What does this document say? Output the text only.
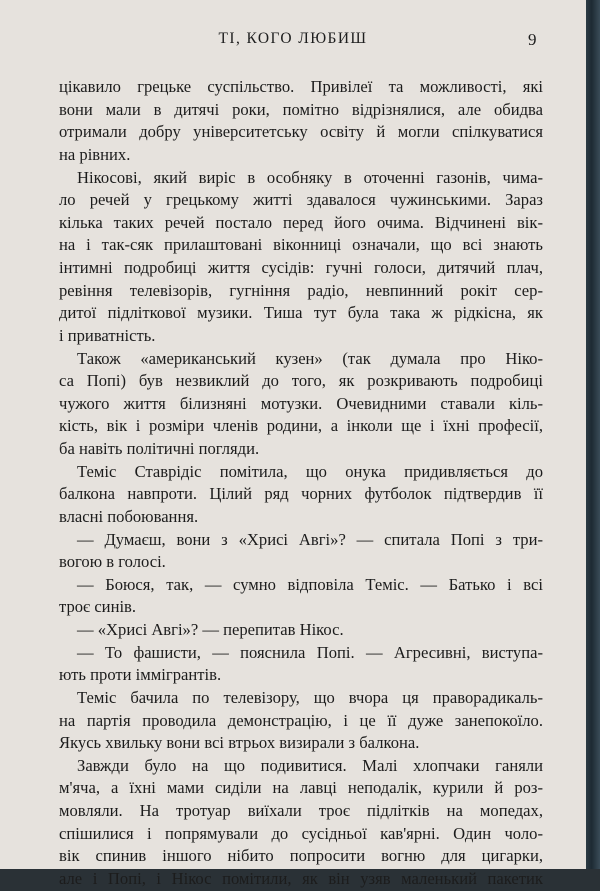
ТІ, КОГО ЛЮБИШ	9
цікавило грецьке суспільство. Привілеї та можливості, які
вони мали в дитячі роки, помітно відрізнялися, але обидва
отримали добру університетську освіту й могли спілкуватися
на рівних.
Нікосові, який виріс в особняку в оточенні газонів, чима-
ло речей у грецькому житті здавалося чужинськими. Зараз
кілька таких речей постало перед його очима. Відчинені вік-
на і так-сяк прилаштовані віконниці означали, що всі знають
інтимні подробиці життя сусідів: гучні голоси, дитячий плач,
ревіння телевізорів, гугніння радіо, невпинний рокіт сер-
дитої підліткової музики. Тиша тут була така ж рідкісна, як
і приватність.
Також «американський кузен» (так думала про Ніко-
са Попі) був незвиклий до того, як розкривають подробиці
чужого життя білизняні мотузки. Очевидними ставали кіль-
кість, вік і розміри членів родини, а інколи ще і їхні професії,
ба навіть політичні погляди.
Теміс Ставрідіс помітила, що онука придивляється до
балкона навпроти. Цілий ряд чорних футболок підтвердив її
власні побоювання.
— Думаєш, вони з «Хрисі Авгі»? — спитала Попі з три-
вогою в голосі.
— Боюся, так, — сумно відповіла Теміс. — Батько і всі
троє синів.
— «Хрисі Авгі»? — перепитав Нікос.
— То фашисти, — пояснила Попі. — Агресивні, виступа-
ють проти іммігрантів.
Теміс бачила по телевізору, що вчора ця праворадикаль-
на партія проводила демонстрацію, і це її дуже занепокоїло.
Якусь хвильку вони всі втрьох визирали з балкона.
Завжди було на що подивитися. Малі хлопчаки ганяли
м'яча, а їхні мами сиділи на лавці неподалік, курили й роз-
мовляли. На тротуар виїхали троє підлітків на мопедах,
спішилися і попрямували до сусідньої кав'ярні. Один чоло-
вік спинив іншого нібито попросити вогню для цигарки,
але і Попі, і Нікос помітили, як він узяв маленький пакетик
